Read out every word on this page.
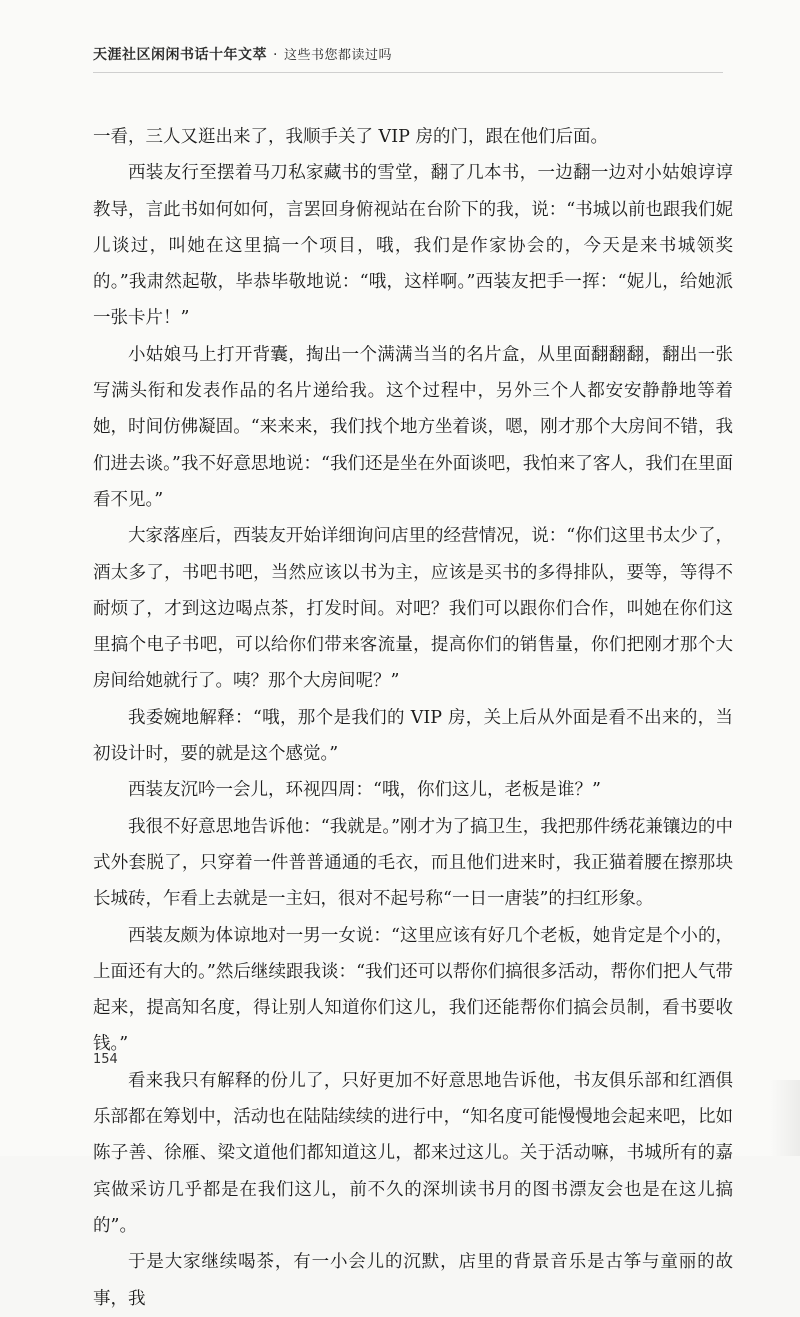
天涯社区闲闲书话十年文萃 · 这些书您都读过吗

一看，三人又逛出来了，我顺手关了 VIP 房的门，跟在他们后面。

西装友行至摆着马刀私家藏书的雪堂，翻了几本书，一边翻一边对小姑娘谆谆教导，言此书如何如何，言罢回身俯视站在台阶下的我，说：“书城以前也跟我们妮儿谈过，叫她在这里搞一个项目，哦，我们是作家协会的，今天是来书城领奖的。”我肃然起敬，毕恭毕敬地说：“哦，这样啊。”西装友把手一挥：“妮儿，给她派一张卡片！”

小姑娘马上打开背囊，掏出一个满满当当的名片盒，从里面翻翻翻，翻出一张写满头衔和发表作品的名片递给我。这个过程中，另外三个人都安安静静地等着她，时间仿佛凝固。“来来来，我们找个地方坐着谈，嗯，刚才那个大房间不错，我们进去谈。”我不好意思地说：“我们还是坐在外面谈吧，我怕来了客人，我们在里面看不见。”

大家落座后，西装友开始详细询问店里的经营情况，说：“你们这里书太少了，酒太多了，书吧书吧，当然应该以书为主，应该是买书的多得排队，要等，等得不耐烦了，才到这边喝点茶，打发时间。对吧？我们可以跟你们合作，叫她在你们这里搞个电子书吧，可以给你们带来客流量，提高你们的销售量，你们把刚才那个大房间给她就行了。咦？那个大房间呢？”

我委婉地解释：“哦，那个是我们的 VIP 房，关上后从外面是看不出来的，当初设计时，要的就是这个感觉。”

西装友沉吟一会儿，环视四周：“哦，你们这儿，老板是谁？”

我很不好意思地告诉他：“我就是。”刚才为了搞卫生，我把那件绣花兼镶边的中式外套脱了，只穿着一件普普通通的毛衣，而且他们进来时，我正猫着腰在擦那块长城砖，乍看上去就是一主妇，很对不起号称“一日一唐装”的扫红形象。

西装友颇为体谅地对一男一女说：“这里应该有好几个老板，她肯定是个小的，上面还有大的。”然后继续跟我谈：“我们还可以帮你们搞很多活动，帮你们把人气带起来，提高知名度，得让别人知道你们这儿，我们还能帮你们搞会员制，看书要收钱。”

看来我只有解释的份儿了，只好更加不好意思地告诉他，书友俱乐部和红酒俱乐部都在筹划中，活动也在陆陆续续的进行中，“知名度可能慢慢地会起来吧，比如陈子善、徐雁、梁文道他们都知道这儿，都来过这儿。关于活动嘛，书城所有的嘉宾做采访几乎都是在我们这儿，前不久的深圳读书月的图书漂友会也是在这儿搞的”。

于是大家继续喝茶，有一小会儿的沉默，店里的背景音乐是古筝与童丽的故事，我

154
